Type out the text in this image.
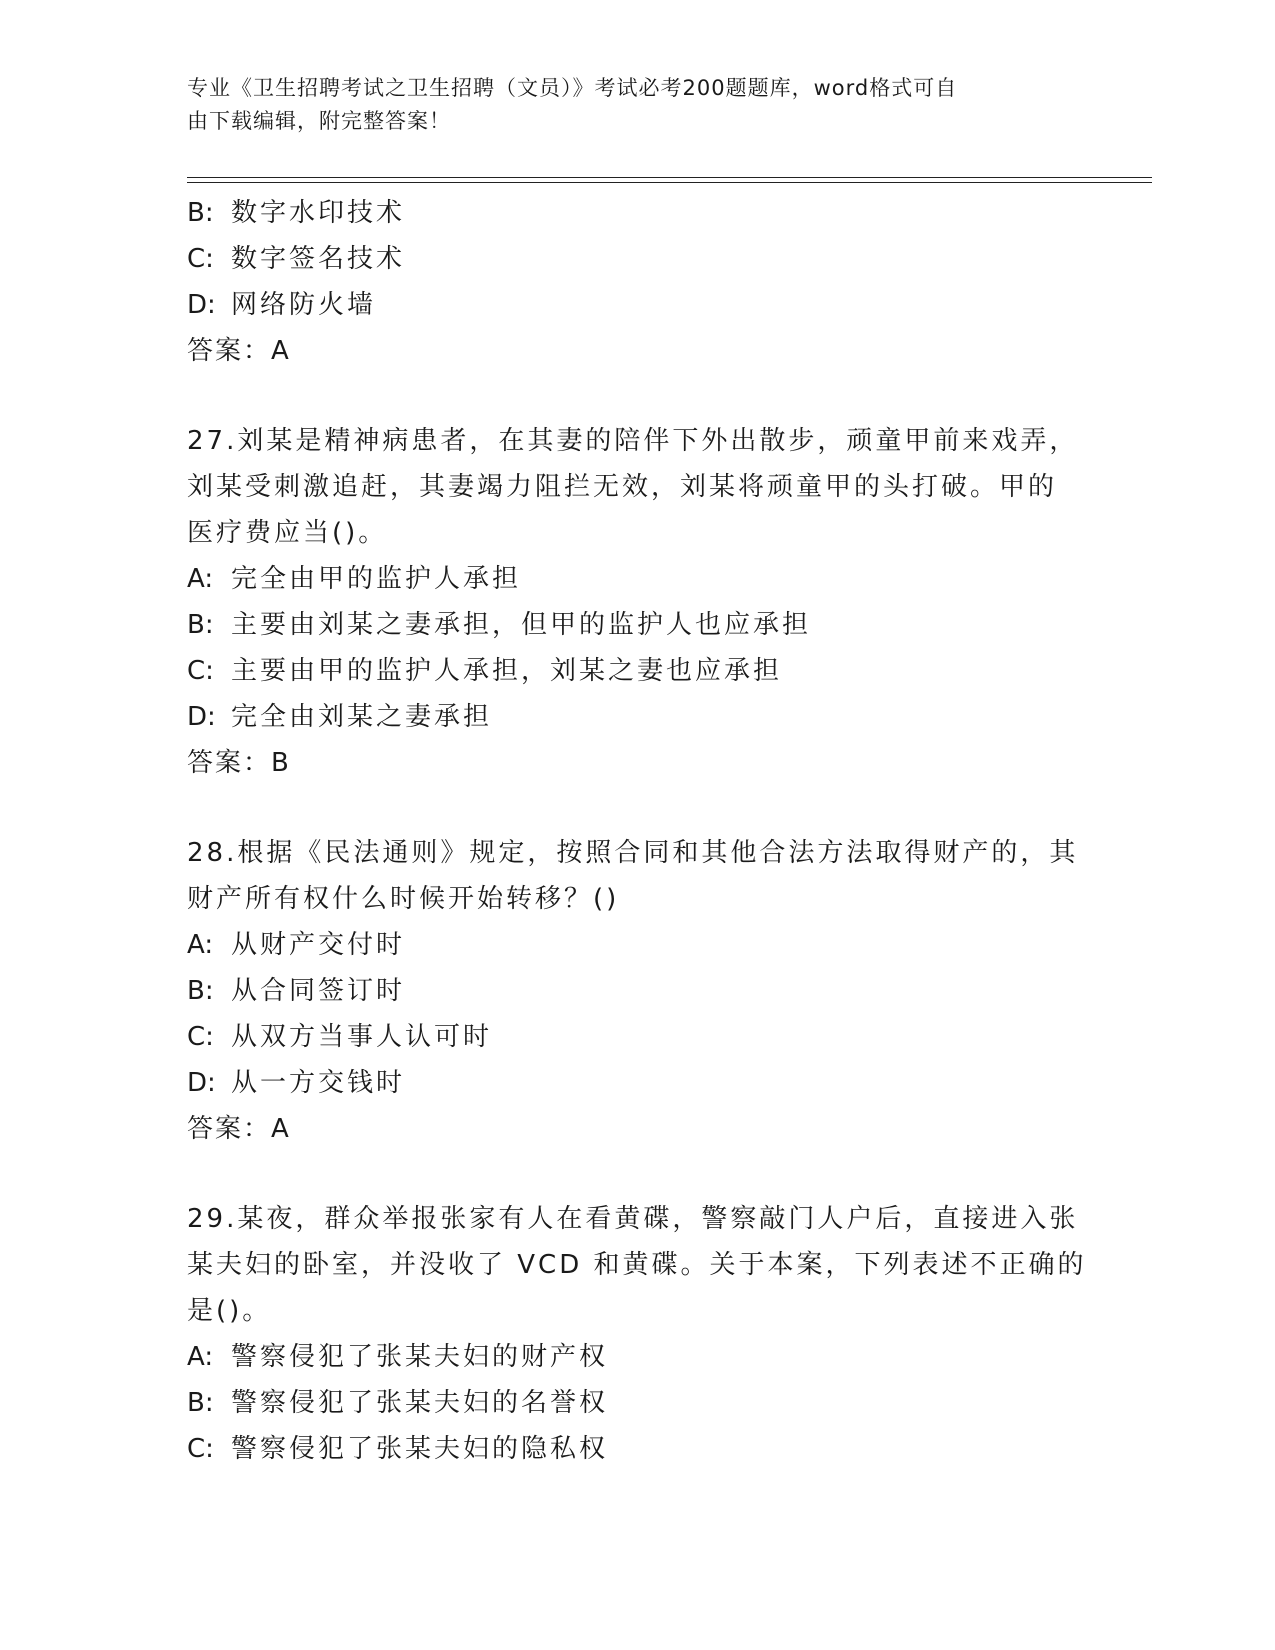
专业《卫生招聘考试之卫生招聘（文员）》考试必考200题题库，word格式可自
由下载编辑，附完整答案！
B: 数字水印技术
C: 数字签名技术
D: 网络防火墙
答案：A
27.刘某是精神病患者，在其妻的陪伴下外出散步，顽童甲前来戏弄，
刘某受刺激追赶，其妻竭力阻拦无效，刘某将顽童甲的头打破。甲的
医疗费应当()。
A: 完全由甲的监护人承担
B: 主要由刘某之妻承担，但甲的监护人也应承担
C: 主要由甲的监护人承担，刘某之妻也应承担
D: 完全由刘某之妻承担
答案：B
28.根据《民法通则》规定，按照合同和其他合法方法取得财产的，其
财产所有权什么时候开始转移？()
A: 从财产交付时
B: 从合同签订时
C: 从双方当事人认可时
D: 从一方交钱时
答案：A
29.某夜，群众举报张家有人在看黄碟，警察敲门人户后，直接进入张
某夫妇的卧室，并没收了 VCD 和黄碟。关于本案，下列表述不正确的
是()。
A: 警察侵犯了张某夫妇的财产权
B: 警察侵犯了张某夫妇的名誉权
C: 警察侵犯了张某夫妇的隐私权
